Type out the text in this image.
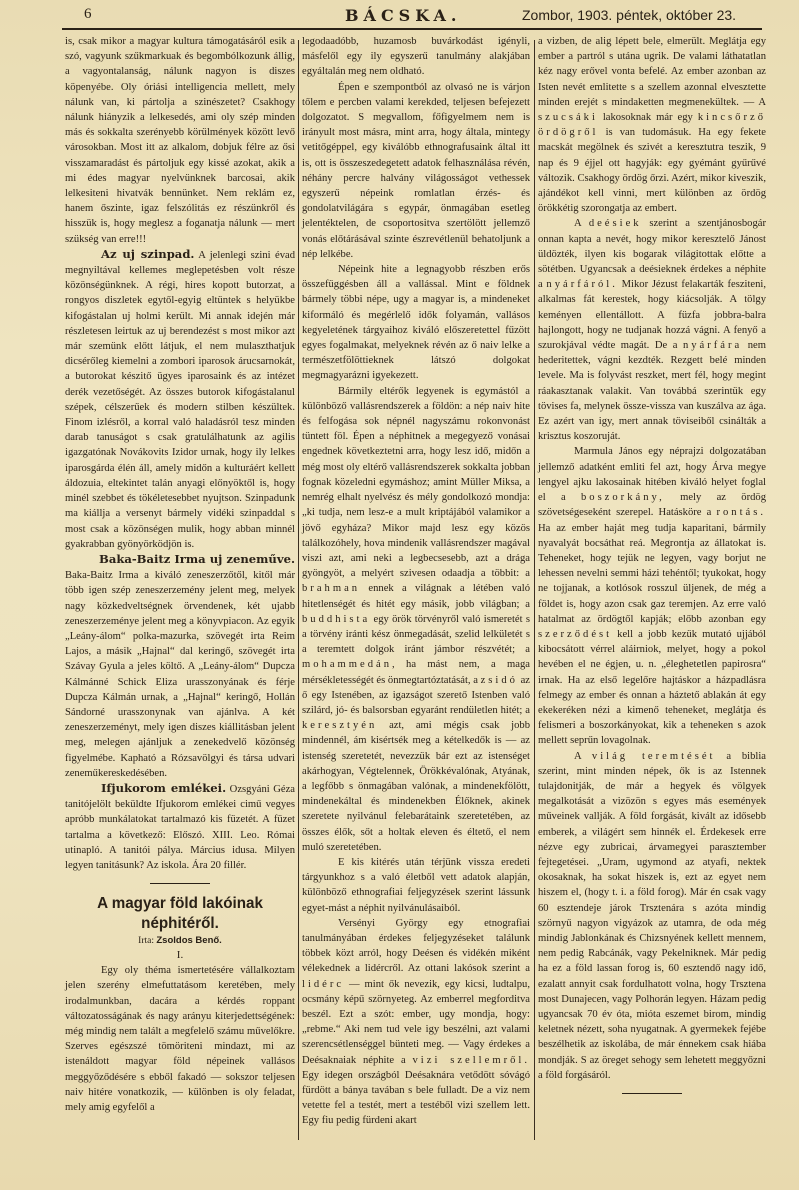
6	BÁCSKA.	Zombor, 1903. péntek, október 23.

is, csak mikor a magyar kultura támogatásáról esik a szó, vagyunk szűkmarkuak és begombólkozunk állig, a vagyontalanság, nálunk nagyon is diszes köpenyébe. Oly óriási intelligencia mellett, mely nálunk van, ki pártolja a szinészetet? Csakhogy nálunk hiányzik a lelkesedés, ami oly szép minden más és sokkalta szerényebb körülmények között levő városokban. Most itt az alkalom, dobjuk félre az ősi visszamaradást és pártoljuk egy kissé azokat, akik a mi édes magyar nyelvünknek barcosai, akik lelkesiteni hivatvák bennünket. Nem reklám ez, hanem őszinte, igaz felszólitás ez részünkről és hisszük is, hogy meglesz a foganatja nálunk — mert szükség van erre!!!

Az uj szinpad. A jelenlegi szini évad megnyiltával kellemes meglepetésben volt része közönségünknek. A régi, hires kopott butorzat, a rongyos diszletek egytől-egyig eltüntek s helyükbe kifogástalan uj holmi került. Mi annak idején már részletesen leirtuk az uj berendezést s most mikor azt már szemünk előtt látjuk, el nem mulaszthatjuk dicsérőleg kiemelni a zombori iparosok árucsarnokát, a butorokat készitő ügyes iparosaink és az intézet derék vezetőségét. Az összes butorok kifogástalanul szépek, célszerűek és modern stilben készültek. Finom izlésről, a korral való haladásról tesz minden darab tanuságot s csak gratulálhatunk az agilis igazgatónak Novákovits Izidor urnak, hogy ily lelkes iparosgárda élén áll, amely midőn a kulturáért kellett áldozuia, eltekintet talán anyagi előnyöktől is, hogy minél szebbet és tökéletesebbet nyujtson. Szinpadunk ma kiállja a versenyt bármely vidéki szinpaddal s most csak a közönségen mulik, hogy abban minnél gyakrabban gyönyörködjön is.

Baka-Baitz Irma uj zeneműve.

Baka-Baitz Irma a kiváló zeneszerzőtől, kitől már több igen szép zeneszerzemény jelent meg, melyek nagy közkedveltségnek örvendenek, két ujabb zeneszerzeménye jelent meg a könyvpiacon. Az egyik „Leány-álom“ polka-mazurka, szövegét irta Reim Lajos, a másik „Hajnal“ dal keringő, szövegét irta Szávay Gyula a jeles költő. A „Leány-álom“ Dupcza Kálmánné Schick Eliza urasszonyának és férje Dupcza Kálmán urnak, a „Hajnal“ keringő, Hollán Sándorné urasszonynak van ajánlva. A két zeneszerzeményt, mely igen diszes kiállitásban jelent meg, melegen ajánljuk a zenekedvelő közönség figyelmébe. Kapható a Rózsavölgyi és társa udvari zeneműkereskedésében.

Ifjukorom emlékei. Ozsgyáni Géza tanitójelölt beküldte Ifjukorom emlékei cimű vegyes apróbb munkálatokat tartalmazó kis füzetét. A füzet tartalma a következő: Előszó. XIII. Leo. Római utinapló. A tanitói pálya. Március idusa. Milyen legyen tanitásunk? Az iskola. Ára 20 fillér.

A magyar föld lakóinak néphitéről.
Irta: Zsoldos Benő.
I.

Egy oly théma ismertetésére vállalkoztam jelen szerény elmefuttatásom keretében, mely irodalmunkban, dacára a kérdés roppant változatosságának és nagy arányu kiterjedettségének: még mindig nem talált a megfelelő számu művelőkre. Szerves egészszé tömöriteni mindazt, mi az istenáldott magyar föld népeinek vallásos meggyőződésére s ebből fakadó — sokszor teljesen naiv hitére vonatkozik, — különben is oly feladat, mely amig egyfelől a

legodaadóbb, huzamosb buvárkodást igényli, másfelől egy ily egyszerű tanulmány alakjában egyáltalán meg nem oldható.

Épen e szempontból az olvasó ne is várjon tőlem e percben valami kerekded, teljesen befejezett dolgozatot. S megvallom, főfigyelmem nem is irányult most másra, mint arra, hogy általa, mintegy vetitőgéppel, egy kiválóbb ethnografusaink által itt is, ott is összeszedegetett adatok felhasználása révén, néhány percre halvány világosságot vethessek egyszerű népeink romlatlan érzés- és gondolatvilágára s egypár, önmagában esetleg jelentéktelen, de csoportositva szertölött jellemző vonás előtárásával szinte észrevétlenül behatoljunk a nép lelkébe.

Népeink hite a legnagyobb részben erős összefüggésben áll a vallással. Mint e földnek bármely többi népe, ugy a magyar is, a mindeneket kiformáló és megérlelő idők folyamán, vallásos kegyeletének tárgyaihoz kiváló előszeretettel fűzött egyes fogalmakat, melyeknek révén az ő naiv lelke a természetfölöttieknek látszó dolgokat megmagyarázni igyekezett.

Bármily eltérők legyenek is egymástól a különböző vallásrendszerek a földön: a nép naiv hite és felfogása sok népnél nagyszámu rokonvonást tüntett föl. Épen a néphitnek a megegyező vonásai engednek következtetni arra, hogy lesz idő, midőn a még most oly eltérő vallásrendszerek sokkalta jobban fognak közeledni egymáshoz; amint Müller Miksa, a nemrég elhalt nyelvész és mély gondolkozó mondja: „ki tudja, nem lesz-e a mult kriptájából valamikor a jövő egyháza? Mikor majd lesz egy közös találkozóhely, hova mindenik vallásrendszer magával viszi azt, ami neki a legbecsesebb, azt a drága gyöngyöt, a melyért szivesen odaadja a többit: a brahman ennek a világnak a létében való hitetlenségét és hitét egy másik, jobb világban; a buddhista egy örök törvényről való ismeretét s a törvény iránti kész önmegadását, szelid lelkületét s a teremtett dolgok iránt jámbor részvétét; a mohammedán, ha mást nem, a maga mérsékletességét és önmegtartóztatását, a zsidó az ő egy Istenében, az igazságot szerető Istenben való szilárd, jó- és balsorsban egyaránt rendületlen hitét; a keresztyén azt, ami mégis csak jobb mindennél, ám kisértsék meg a kételkedők is — az istenség szeretetét, nevezzük bár ezt az istenséget akárhogyan, Végtelennek, Örökkévalónak, Atyának, a legfőbb s önmagában valónak, a mindenekfölött, mindenekáltal és mindenekben Élőknek, akinek szeretete nyilvánul felebarátaink szeretetében, az összes élők, sőt a holtak eleven és éltető, el nem muló szeretetében.

E kis kitérés után térjünk vissza eredeti tárgyunkhoz s a való életből vett adatok alapján, különböző ethnografiai feljegyzések szerint lássunk egyet-mást a néphit nyilvánulásaiból.

Versényi György egy etnografiai tanulmányában érdekes feljegyzéseket találunk többek közt arról, hogy Deésen és vidékén miként vélekednek a lidércről. Az ottani lakósok szerint a lidérc — mint ők nevezik, egy kicsi, ludtalpu, ocsmány képű szörnyeteg. Az emberrel megforditva beszél. Ezt a szót: ember, ugy mondja, hogy: „rebme.“ Aki nem tud vele igy beszélni, azt valami szerencsétlenséggel bünteti meg. — Vagy érdekes a Deésaknaiak néphite a vizi szellemről. Egy idegen országból Deésaknára vetődött sóvágó fürdött a bánya tavában s bele fulladt. De a viz nem vetette fel a testét, mert a testéből vizi szellem lett. Egy fiu pedig fürdeni akart

a vizben, de alig lépett bele, elmerült. Meglátja egy ember a partról s utána ugrik. De valami láthatatlan kéz nagy erővel vonta befelé. Az ember azonban az Isten nevét emlitette s a szellem azonnal elvesztette minden erejét s mindaketten megmenekültek. — A szucsáki lakosoknak már egy kincsőrző ördögről is van tudomásuk. Ha egy fekete macskát megölnek és szivét a keresztutra teszik, 9 nap és 9 éjjel ott hagyják: egy gyémánt gyűrűvé változik. Csakhogy ördög őrzi. Azért, mikor kiveszik, ajándékot kell vinni, mert különben az ördög örökkétig szorongatja az embert.

A deésiek szerint a szentjánosbogár onnan kapta a nevét, hogy mikor keresztelő Jánost üldözték, ilyen kis bogarak világitottak előtte a sötétben. Ugyancsak a deésieknek érdekes a néphite a nyárfáról. Mikor Jézust felakarták fesziteni, alkalmas fát kerestek, hogy kiácsolják. A tölgy keményen ellentállott. A füzfa jobbra-balra hajlongott, hogy ne tudjanak hozzá vágni. A fenyő a szurokjával védte magát. De a nyárfára nem hederitettek, vágni kezdték. Rezgett belé minden levele. Ma is folyvást reszket, mert fél, hogy megint ráakasztanak valakit. Van továbbá szerintük egy tövises fa, melynek össze-vissza van kuszálva az ága. Ez azért van igy, mert annak töviseiből csinálták a krisztus koszoruját.

Marmula János egy néprajzi dolgozatában jellemző adatként emliti fel azt, hogy Árva megye lengyel ajku lakosainak hitében kiváló helyet foglal el a boszorkány, mely az ördög szövetségeseként szerepel. Hatásköre a rontás. Ha az ember haját meg tudja kaparitani, bármily nyavalyát bocsáthat reá. Megrontja az állatokat is. Teheneket, hogy tejük ne legyen, vagy borjut ne lehessen nevelni semmi házi tehéntől; tyukokat, hogy ne tojjanak, a kotlósok rosszul üljenek, de még a földet is, hogy azon csak gaz teremjen. Az erre való hatalmat az ördögtől kapják; előbb azonban egy szerződést kell a jobb kezük mutató ujjából kibocsátott vérrel aláirniok, melyet, hogy a pokol hevében el ne égjen, u. n. „éleghetetlen papirosra“ irnak. Ha az első legelőre hajtáskor a házpadlásra felmegy az ember és onnan a háztető ablakán át egy ekekeréken nézi a kimenő teheneket, meglátja és felismeri a boszorkányokat, kik a teheneken s azok mellett seprűn lovagolnak.

A világ teremtését a biblia szerint, mint minden népek, ők is az Istennek tulajdonitják, de már a hegyek és völgyek megalkotását a vizözön s egyes más események műveinek vallják. A föld forgását, kivált az idősebb emberek, a világért sem hinnék el. Érdekesek erre nézve egy zubricai, árvamegyei parasztember fejtegetései. „Uram, ugymond az atyafi, nektek okosaknak, ha sokat hiszek is, ezt az egyet nem hiszem el, (hogy t. i. a föld forog). Már én csak vagy 60 esztendeje járok Trsztenára s azóta mindig szörnyű nagyon vigyázok az utamra, de oda még mindig Jablonkának és Chizsnyének kellett mennem, nem pedig Rabcánák, vagy Pekelniknek. Már pedig ha ez a föld lassan forog is, 60 esztendő nagy idő, ezalatt annyit csak fordulhatott volna, hogy Trsztena most Dunajecen, vagy Polhorán legyen. Házam pedig ugyancsak 70 év óta, mióta eszemet birom, mindig keletnek nézett, soha nyugatnak. A gyermekek fejébe beszélhetik az iskolába, de már énnekem csak hiába mondják. S az öreget sehogy sem lehetett meggyőzni a föld forgásáról.
